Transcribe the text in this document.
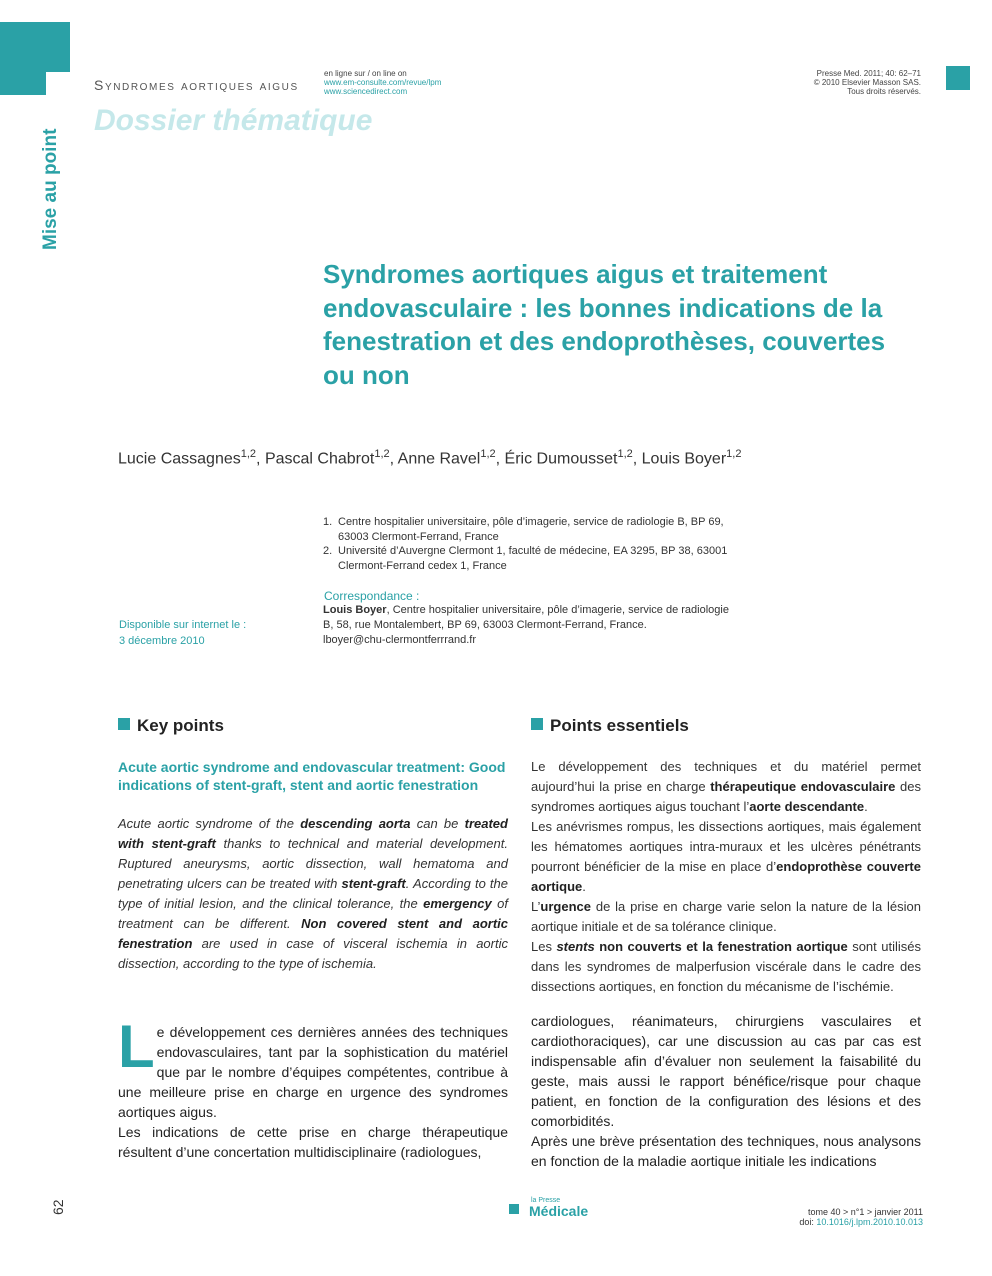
Syndromes aortiques aigus
en ligne sur / on line on
www.em-consulte.com/revue/lpm
www.sciencedirect.com
Presse Med. 2011; 40: 62–71
© 2010 Elsevier Masson SAS.
Tous droits réservés.
Dossier thématique
Mise au point
Syndromes aortiques aigus et traitement endovasculaire : les bonnes indications de la fenestration et des endoprothèses, couvertes ou non
Lucie Cassagnes$^{1,2}$, Pascal Chabrot$^{1,2}$, Anne Ravel$^{1,2}$, Éric Dumousset$^{1,2}$, Louis Boyer$^{1,2}$
1. Centre hospitalier universitaire, pôle d’imagerie, service de radiologie B, BP 69, 63003 Clermont-Ferrand, France
2. Université d’Auvergne Clermont 1, faculté de médecine, EA 3295, BP 38, 63001 Clermont-Ferrand cedex 1, France
Correspondance :
Louis Boyer, Centre hospitalier universitaire, pôle d’imagerie, service de radiologie B, 58, rue Montalembert, BP 69, 63003 Clermont-Ferrand, France.
lboyer@chu-clermontferrrand.fr
Disponible sur internet le :
3 décembre 2010
Key points	Points essentiels
Acute aortic syndrome and endovascular treatment: Good indications of stent-graft, stent and aortic fenestration
Acute aortic syndrome of the descending aorta can be treated with stent-graft thanks to technical and material development. Ruptured aneurysms, aortic dissection, wall hematoma and penetrating ulcers can be treated with stent-graft. According to the type of initial lesion, and the clinical tolerance, the emergency of treatment can be different. Non covered stent and aortic fenestration are used in case of visceral ischemia in aortic dissection, according to the type of ischemia.

Le développement des techniques et du matériel permet aujourd’hui la prise en charge thérapeutique endovasculaire des syndromes aortiques aigus touchant l’aorte descendante.

Les anévrismes rompus, les dissections aortiques, mais également les hématomes aortiques intra-muraux et les ulcères pénétrants pourront bénéficier de la mise en place d’endoprothèse couverte aortique.

L’urgence de la prise en charge varie selon la nature de la lésion aortique initiale et de sa tolérance clinique.

Les stents non couverts et la fenestration aortique sont utilisés dans les syndromes de malperfusion viscérale dans le cadre des dissections aortiques, en fonction du mécanisme de l’ischémie.

Le développement ces dernières années des techniques endovasculaires, tant par la sophistication du matériel que par le nombre d’équipes compétentes, contribue à une meilleure prise en charge en urgence des syndromes aortiques aigus.

Les indications de cette prise en charge thérapeutique résultent d’une concertation multidisciplinaire (radiologues,

cardiologues, réanimateurs, chirurgiens vasculaires et cardiothoraciques), car une discussion au cas par cas est indispensable afin d’évaluer non seulement la faisabilité du geste, mais aussi le rapport bénéfice/risque pour chaque patient, en fonction de la configuration des lésions et des comorbidités.

Après une brève présentation des techniques, nous analysons en fonction de la maladie aortique initiale les indications

62	la Presse
Médicale	tome 40 > n°1 > janvier 2011
doi: 10.1016/j.lpm.2010.10.013
